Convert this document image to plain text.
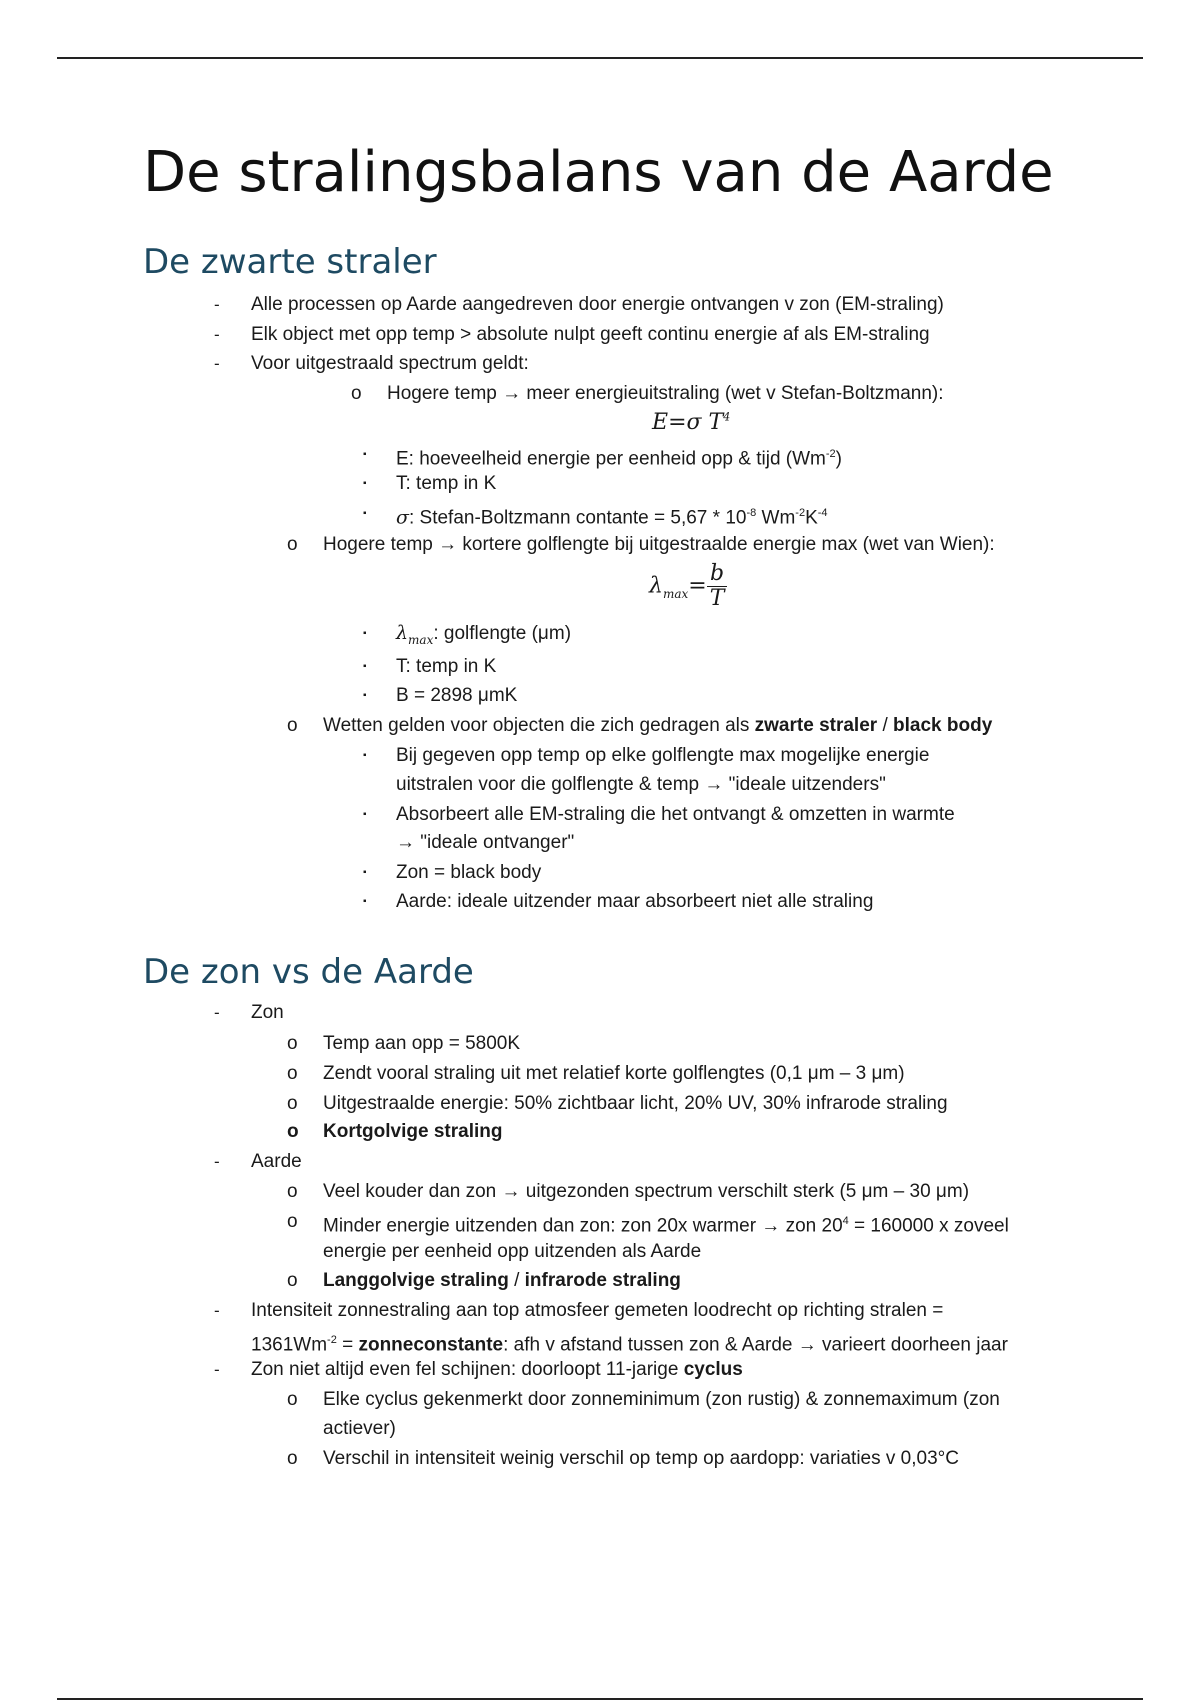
De stralingsbalans van de Aarde
De zwarte straler
- Alle processen op Aarde aangedreven door energie ontvangen v zon (EM-straling)
- Elk object met opp temp > absolute nulpt geeft continu energie af als EM-straling
- Voor uitgestraald spectrum geldt:
o Hogere temp → meer energieuitstraling (wet v Stefan-Boltzmann):
E=σ $T^4$
▪ E: hoeveelheid energie per eenheid opp & tijd $(Wm^{-2})$
▪ T: temp in K
▪ σ: Stefan-Boltzmann contante = $5,67 * 10^{-8}$ $Wm^{-2}K^{-4}$
o Hogere temp → kortere golflengte bij uitgestraalde energie max (wet van Wien):
$\lambda_{max}= \frac{b}{T}$
▪ $\lambda_{max}$: golflengte (μm)
▪ T: temp in K
▪ B = 2898 μmK
o Wetten gelden voor objecten die zich gedragen als zwarte straler / black body
▪ Bij gegeven opp temp op elke golflengte max mogelijke energie
uitstralen voor die golflengte & temp → "ideale uitzenders"
▪ Absorbeert alle EM-straling die het ontvangt & omzetten in warmte
→ "ideale ontvanger"
▪ Zon = black body
▪ Aarde: ideale uitzender maar absorbeert niet alle straling
De zon vs de Aarde
- Zon
o Temp aan opp = 5800K
o Zendt vooral straling uit met relatief korte golflengtes (0,1 μm – 3 μm)
o Uitgestraalde energie: 50% zichtbaar licht, 20% UV, 30% infrarode straling
o Kortgolvige straling
- Aarde
o Veel kouder dan zon → uitgezonden spectrum verschilt sterk (5 μm – 30 μm)
o Minder energie uitzenden dan zon: zon 20x warmer → zon $20^4 = 160000$ x zoveel
energie per eenheid opp uitzenden als Aarde
o Langgolvige straling / infrarode straling
- Intensiteit zonnestraling aan top atmosfeer gemeten loodrecht op richting stralen =
$1361Wm^{-2}$ = zonneconstante: afh v afstand tussen zon & Aarde → varieert doorheen jaar
- Zon niet altijd even fel schijnen: doorloopt 11-jarige cyclus
o Elke cyclus gekenmerkt door zonneminimum (zon rustig) & zonnemaximum (zon
actiever)
o Verschil in intensiteit weinig verschil op temp op aardopp: variaties v 0,03°C
